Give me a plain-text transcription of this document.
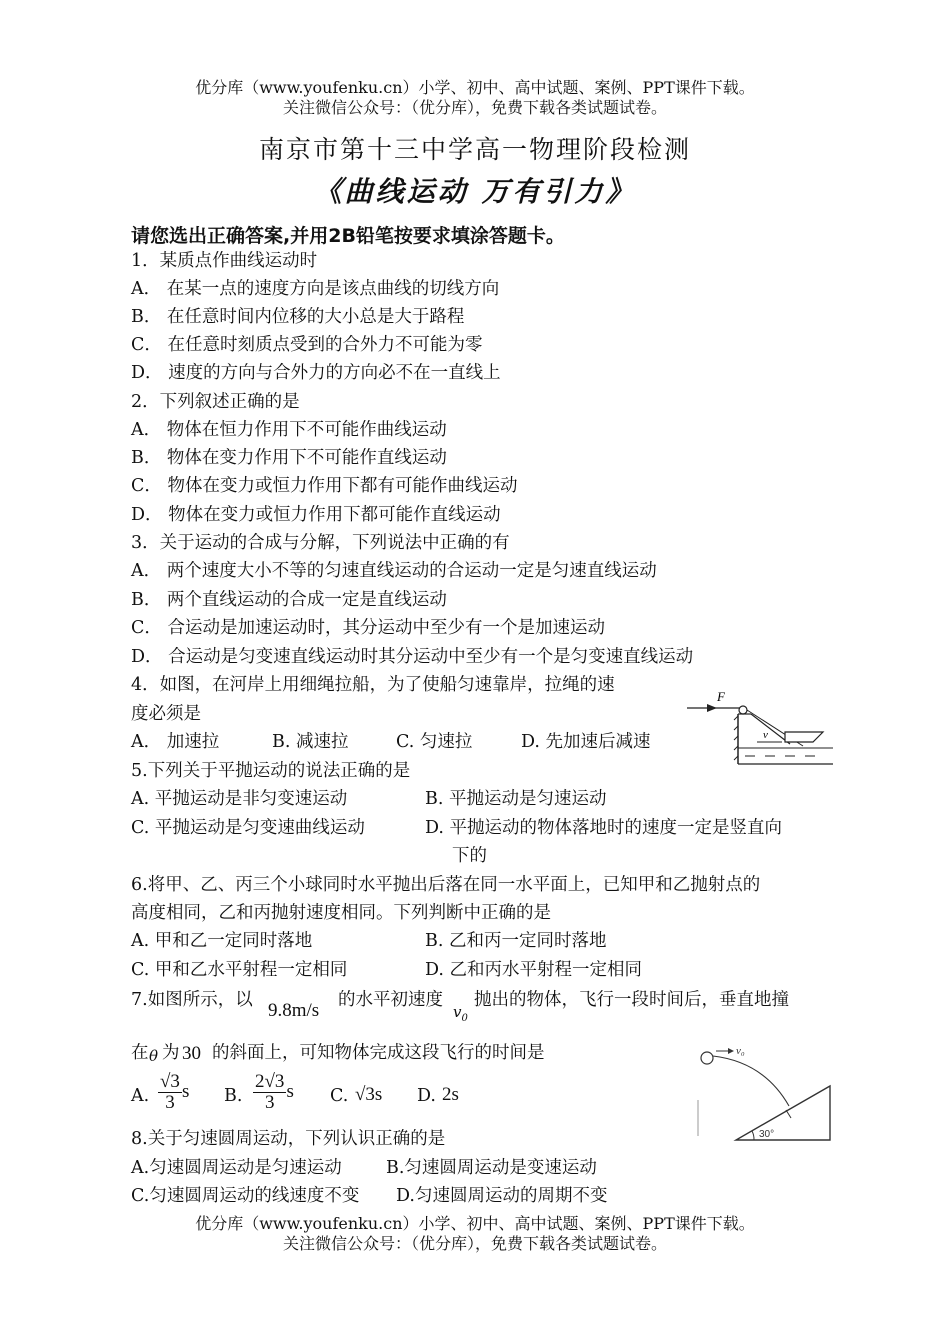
优分库（www.youfenku.cn）小学、初中、高中试题、案例、PPT课件下载。
关注微信公众号：（优分库），免费下载各类试题试卷。
南京市第十三中学高一物理阶段检测
《曲线运动 万有引力》
请您选出正确答案,并用2B铅笔按要求填涂答题卡。
1．某质点作曲线运动时
A． 在某一点的速度方向是该点曲线的切线方向
B． 在任意时间内位移的大小总是大于路程
C． 在任意时刻质点受到的合外力不可能为零
D． 速度的方向与合外力的方向必不在一直线上
2．下列叙述正确的是
A． 物体在恒力作用下不可能作曲线运动
B． 物体在变力作用下不可能作直线运动
C． 物体在变力或恒力作用下都有可能作曲线运动
D． 物体在变力或恒力作用下都可能作直线运动
3．关于运动的合成与分解，下列说法中正确的有
A． 两个速度大小不等的匀速直线运动的合运动一定是匀速直线运动
B． 两个直线运动的合成一定是直线运动
C． 合运动是加速运动时，其分运动中至少有一个是加速运动
D． 合运动是匀变速直线运动时其分运动中至少有一个是匀变速直线运动
4．如图，在河岸上用细绳拉船，为了使船匀速靠岸，拉绳的速
度必须是
A． 加速拉	B. 减速拉	C. 匀速拉	D. 先加速后减速
F
v
5.下列关于平抛运动的说法正确的是
A. 平抛运动是非匀变速运动	B. 平抛运动是匀速运动
C. 平抛运动是匀变速曲线运动	D. 平抛运动的物体落地时的速度一定是竖直向
下的
6.将甲、乙、丙三个小球同时水平抛出后落在同一水平面上，已知甲和乙抛射点的
高度相同，乙和丙抛射速度相同。下列判断中正确的是
A. 甲和乙一定同时落地	B. 乙和丙一定同时落地
C. 甲和乙水平射程一定相同	D. 乙和丙水平射程一定相同
7.如图所示，以 9.8m/s 的水平初速度
$v_0$
抛出的物体，飞行一段时间后，垂直地撞
在 θ 为 30 的斜面上，可知物体完成这段飞行的时间是
A. $\frac{√3}{3}$ s B. $\frac{2√3}{3}$ s C. √3s D. 2s
v₀
30°
8.关于匀速圆周运动，下列认识正确的是
A.匀速圆周运动是匀速运动	B.匀速圆周运动是变速运动
C.匀速圆周运动的线速度不变 D.匀速圆周运动的周期不变
优分库（www.youfenku.cn）小学、初中、高中试题、案例、PPT课件下载。
关注微信公众号：（优分库），免费下载各类试题试卷。
